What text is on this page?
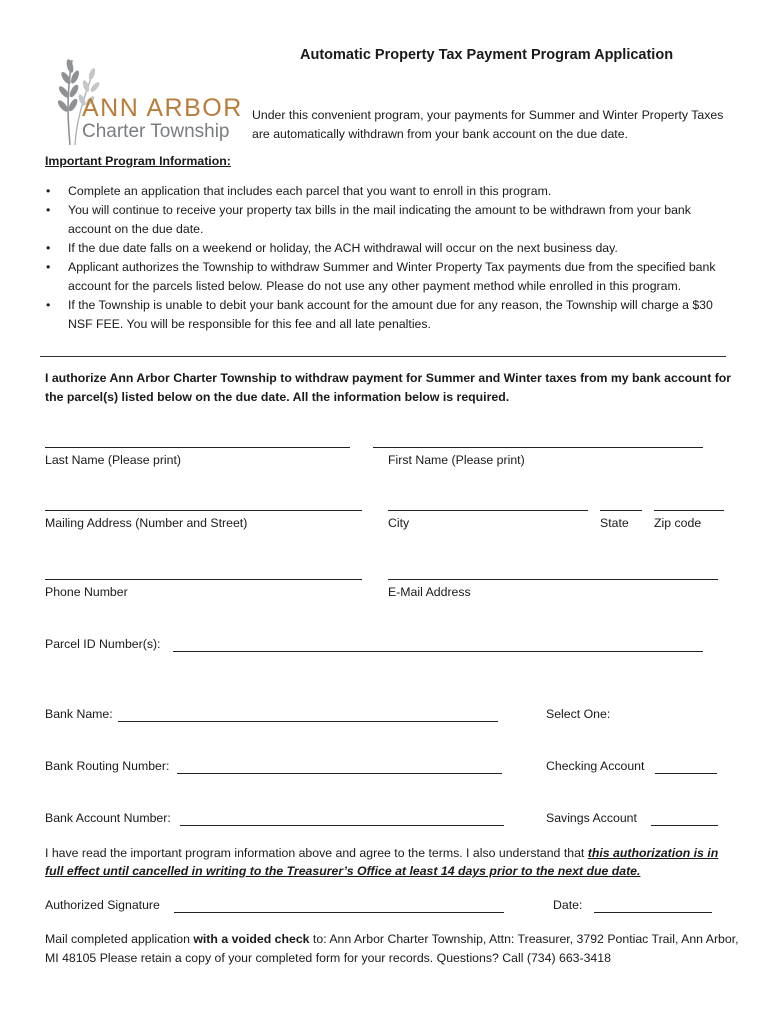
Automatic Property Tax Payment Program Application
ANN ARBOR
Charter Township
Under this convenient program, your payments for Summer and Winter Property Taxes are automatically withdrawn from your bank account on the due date.
Important Program Information:
• Complete an application that includes each parcel that you want to enroll in this program.
• You will continue to receive your property tax bills in the mail indicating the amount to be withdrawn from your bank account on the due date.
• If the due date falls on a weekend or holiday, the ACH withdrawal will occur on the next business day.
• Applicant authorizes the Township to withdraw Summer and Winter Property Tax payments due from the specified bank account for the parcels listed below. Please do not use any other payment method while enrolled in this program.
• If the Township is unable to debit your bank account for the amount due for any reason, the Township will charge a $30 NSF FEE. You will be responsible for this fee and all late penalties.
I authorize Ann Arbor Charter Township to withdraw payment for Summer and Winter taxes from my bank account for the parcel(s) listed below on the due date. All the information below is required.
Last Name (Please print)	First Name (Please print)
Mailing Address (Number and Street)	City	State Zip code
Phone Number	E-Mail Address
Parcel ID Number(s):
Bank Name:	Select One:
Bank Routing Number:	Checking Account
Bank Account Number:	Savings Account
I have read the important program information above and agree to the terms. I also understand that this authorization is in full effect until cancelled in writing to the Treasurer’s Office at least 14 days prior to the next due date.
Authorized Signature	Date:
Mail completed application with a voided check to: Ann Arbor Charter Township, Attn: Treasurer, 3792 Pontiac Trail, Ann Arbor, MI 48105 Please retain a copy of your completed form for your records. Questions? Call (734) 663-3418
